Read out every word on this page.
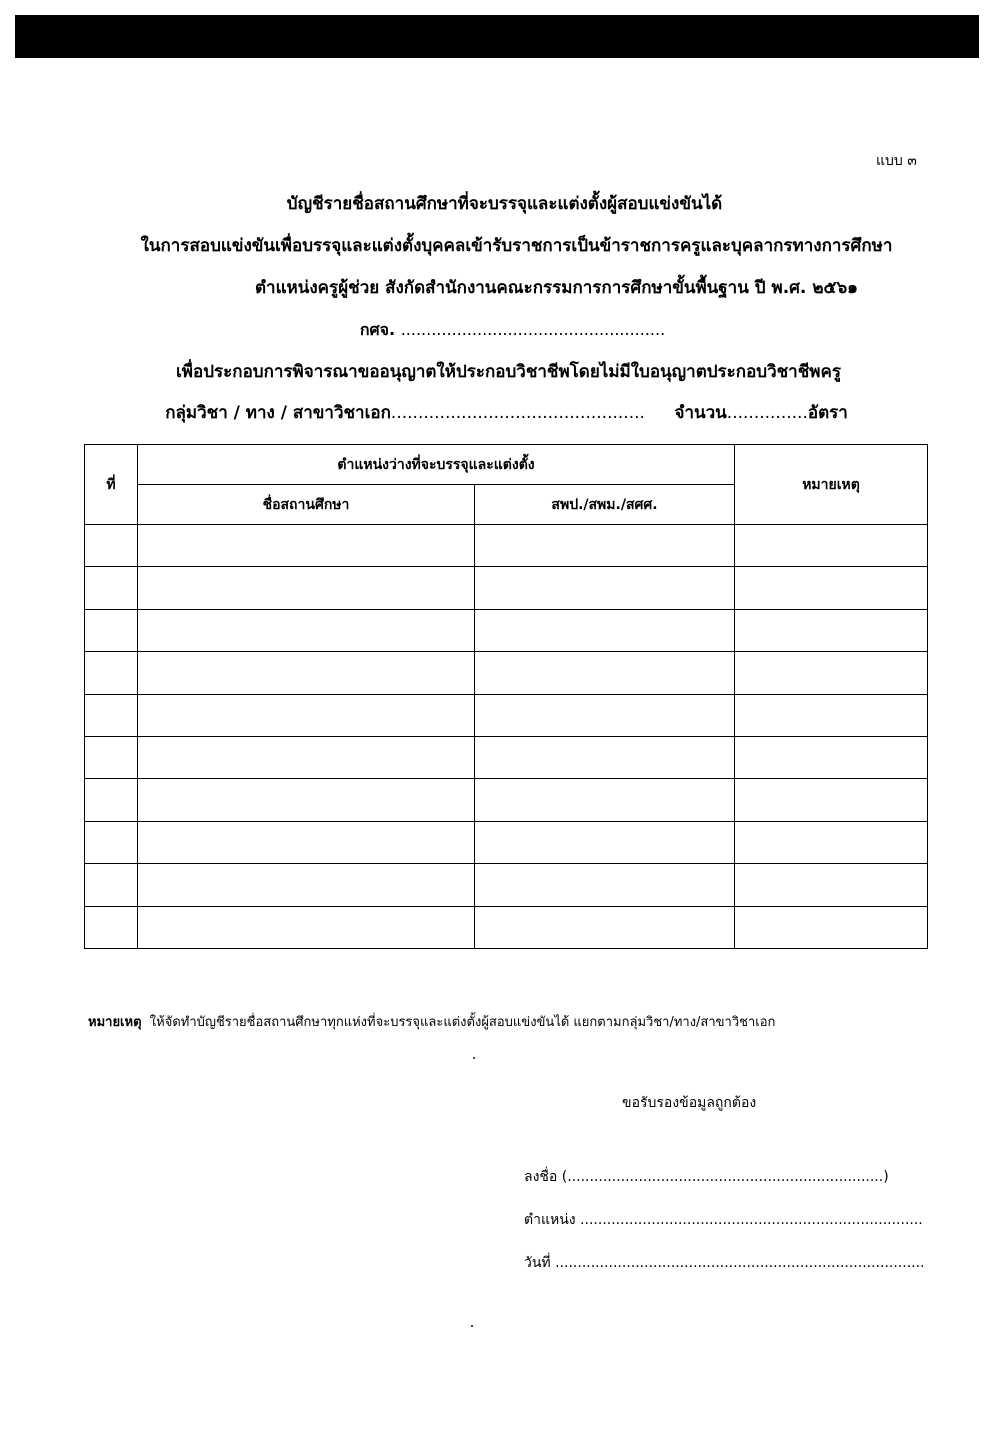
แบบ ๓
บัญชีรายชื่อสถานศึกษาที่จะบรรจุและแต่งตั้งผู้สอบแข่งขันได้
ในการสอบแข่งขันเพื่อบรรจุและแต่งตั้งบุคคลเข้ารับราชการเป็นข้าราชการครูและบุคลากรทางการศึกษา
ตำแหน่งครูผู้ช่วย สังกัดสำนักงานคณะกรรมการการศึกษาขั้นพื้นฐาน ปี พ.ศ. ๒๕๖๑
กศจ. ....................................................
เพื่อประกอบการพิจารณาขออนุญาตให้ประกอบวิชาชีพโดยไม่มีใบอนุญาตประกอบวิชาชีพครู
กลุ่มวิชา / ทาง / สาขาวิชาเอก............................................... จำนวน...............อัตรา
ที่	ตำแหน่งว่างที่จะบรรจุและแต่งตั้ง		หมายเหตุ
	ชื่อสถานศึกษา	สพป./สพม./สศศ.	

หมายเหตุ ให้จัดทำบัญชีรายชื่อสถานศึกษาทุกแห่งที่จะบรรจุและแต่งตั้งผู้สอบแข่งขันได้ แยกตามกลุ่มวิชา/ทาง/สาขาวิชาเอก
ขอรับรองข้อมูลถูกต้อง
ลงชื่อ (.......................................................................)
ตำแหน่ง .............................................................................
วันที่ ...................................................................................
